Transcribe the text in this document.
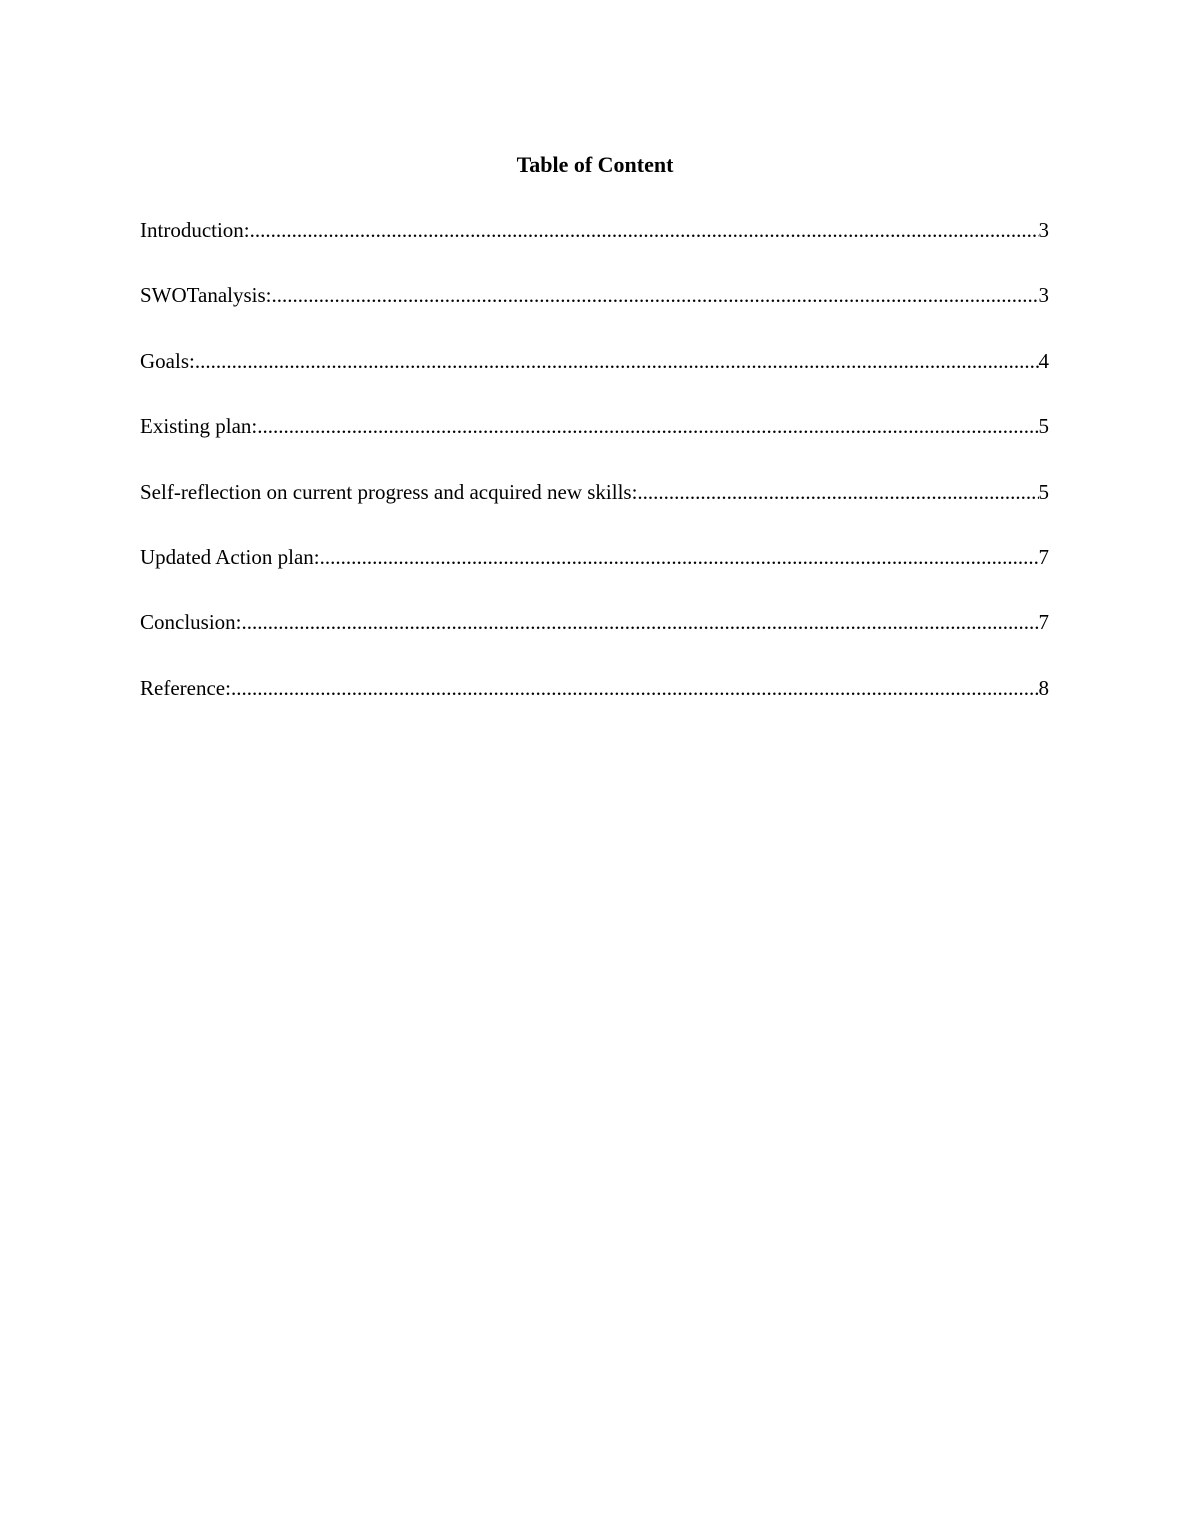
Table of Content
Introduction: .....	3
SWOTanalysis: .....	3
Goals: .....	4
Existing plan: .....	5
Self-reflection on current progress and acquired new skills: .....	5
Updated Action plan: .....	7
Conclusion: .....	7
Reference: .....	8
